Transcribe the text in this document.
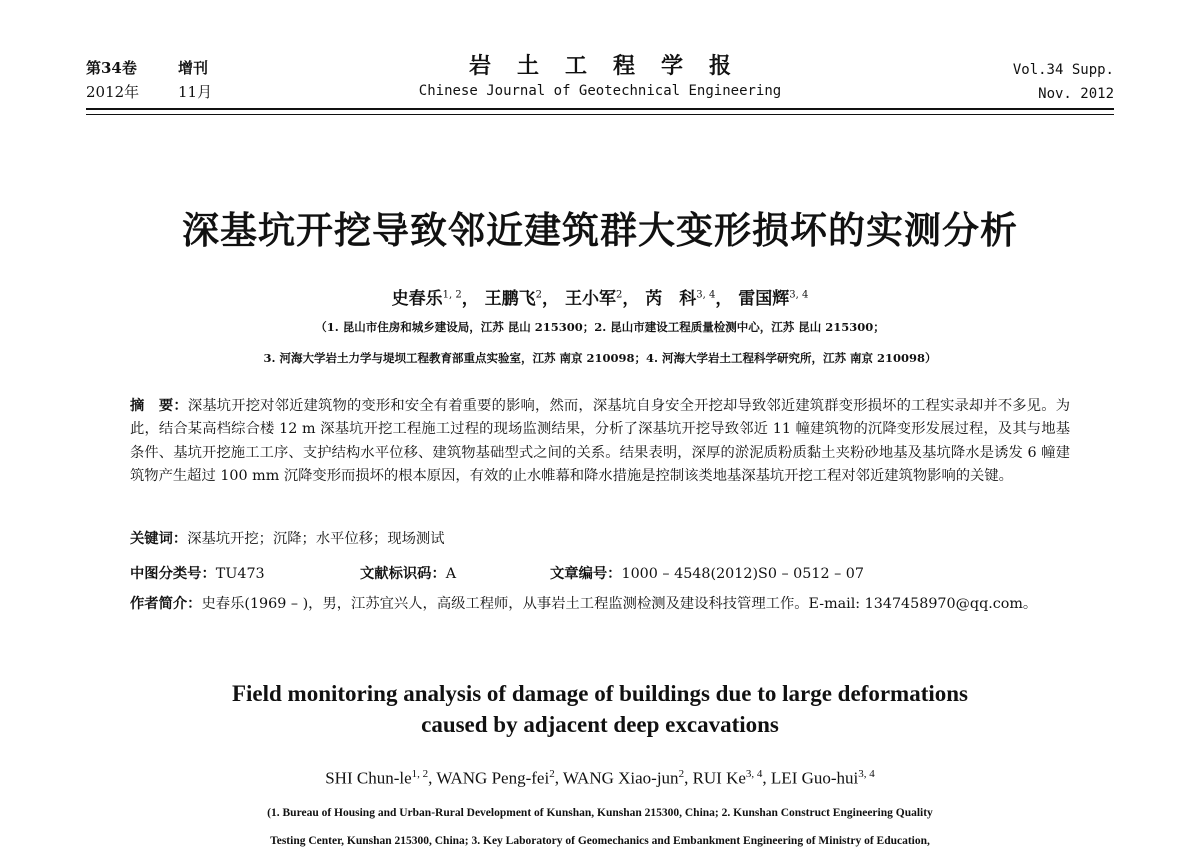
第34卷	增刊
2012年	11月
岩土工程学报
Chinese Journal of Geotechnical Engineering
Vol.34 Supp.
Nov. 2012
深基坑开挖导致邻近建筑群大变形损坏的实测分析
史春乐$^{1, 2}$， 王鹏飞$^2$， 王小军$^2$， 芮　科$^{3, 4}$， 雷国辉$^{3, 4}$
（1. 昆山市住房和城乡建设局，江苏 昆山 215300；2. 昆山市建设工程质量检测中心，江苏 昆山 215300；
3. 河海大学岩土力学与堤坝工程教育部重点实验室，江苏 南京 210098；4. 河海大学岩土工程科学研究所，江苏 南京 210098）
摘　要：深基坑开挖对邻近建筑物的变形和安全有着重要的影响，然而，深基坑自身安全开挖却导致邻近建筑群变形损坏的工程实录却并不多见。为此，结合某高档综合楼 12 m 深基坑开挖工程施工过程的现场监测结果，分析了深基坑开挖导致邻近 11 幢建筑物的沉降变形发展过程，及其与地基条件、基坑开挖施工工序、支护结构水平位移、建筑物基础型式之间的关系。结果表明，深厚的淤泥质粉质黏土夹粉砂地基及基坑降水是诱发 6 幢建筑物产生超过 100 mm 沉降变形而损坏的根本原因，有效的止水帷幕和降水措施是控制该类地基深基坑开挖工程对邻近建筑物影响的关键。
关键词：深基坑开挖；沉降；水平位移；现场测试
中图分类号：TU473	文献标识码：A	文章编号：1000 – 4548(2012)S0 – 0512 – 07
作者简介：史春乐(1969 – )，男，江苏宜兴人，高级工程师，从事岩土工程监测检测及建设科技管理工作。E-mail: 1347458970@qq.com。
Field monitoring analysis of damage of buildings due to large deformations
caused by adjacent deep excavations
SHI Chun-le$^{1, 2}$, WANG Peng-fei$^2$, WANG Xiao-jun$^2$, RUI Ke$^{3, 4}$, LEI Guo-hui$^{3, 4}$
(1. Bureau of Housing and Urban-Rural Development of Kunshan, Kunshan 215300, China; 2. Kunshan Construct Engineering Quality
Testing Center, Kunshan 215300, China; 3. Key Laboratory of Geomechanics and Embankment Engineering of Ministry of Education,
